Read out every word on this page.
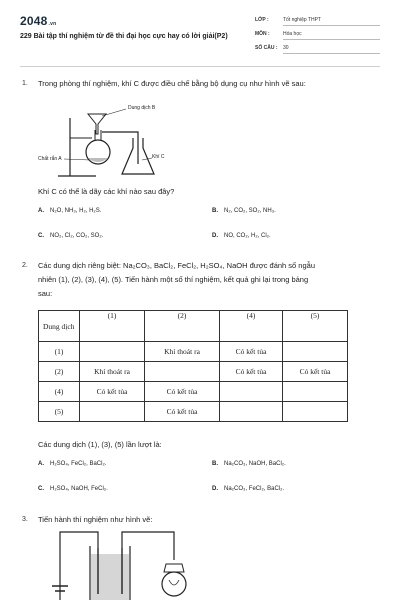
2048.vn
229 Bài tập thí nghiệm từ đề thi đại học cực hay có lời giải(P2)
LỚP :	Tốt nghiệp THPT
MÔN :	Hóa học
SỐ CÂU : 30
1. Trong phòng thí nghiệm, khí C được điều chế bằng bộ dụng cụ như hình vẽ sau:
Dung dịch B
Chất rắn A	Khí C
Khí C có thể là dãy các khí nào sau đây?
A. N₂O, NH₃, H₂, H₂S.	B. N₂, CO₂, SO₂, NH₃.
C. NO₂, Cl₂, CO₂, SO₂.	D. NO, CO₂, H₂, Cl₂.
2. Các dung dịch riêng biệt: Na₂CO₃, BaCl₂, FeCl₂, H₂SO₄, NaOH được đánh số ngẫu
nhiên (1), (2), (3), (4), (5). Tiến hành một số thí nghiệm, kết quả ghi lại trong bảng
sau:
Dung dịch	(1)	(2)	(4)	(5)
(1)		Khí thoát ra	Có kết tủa	
(2)	Khí thoát ra		Có kết tủa	Có kết tủa
(4)	Có kết tủa	Có kết tủa		
(5)		Có kết tủa		
Các dung dịch (1), (3), (5) lần lượt là:
A. H₂SO₄, FeCl₂, BaCl₂.	B. Na₂CO₃, NaOH, BaCl₂.
C. H₂SO₄, NaOH, FeCl₂.	D. Na₂CO₃, FeCl₂, BaCl₂.
3. Tiến hành thí nghiệm như hình vẽ:
